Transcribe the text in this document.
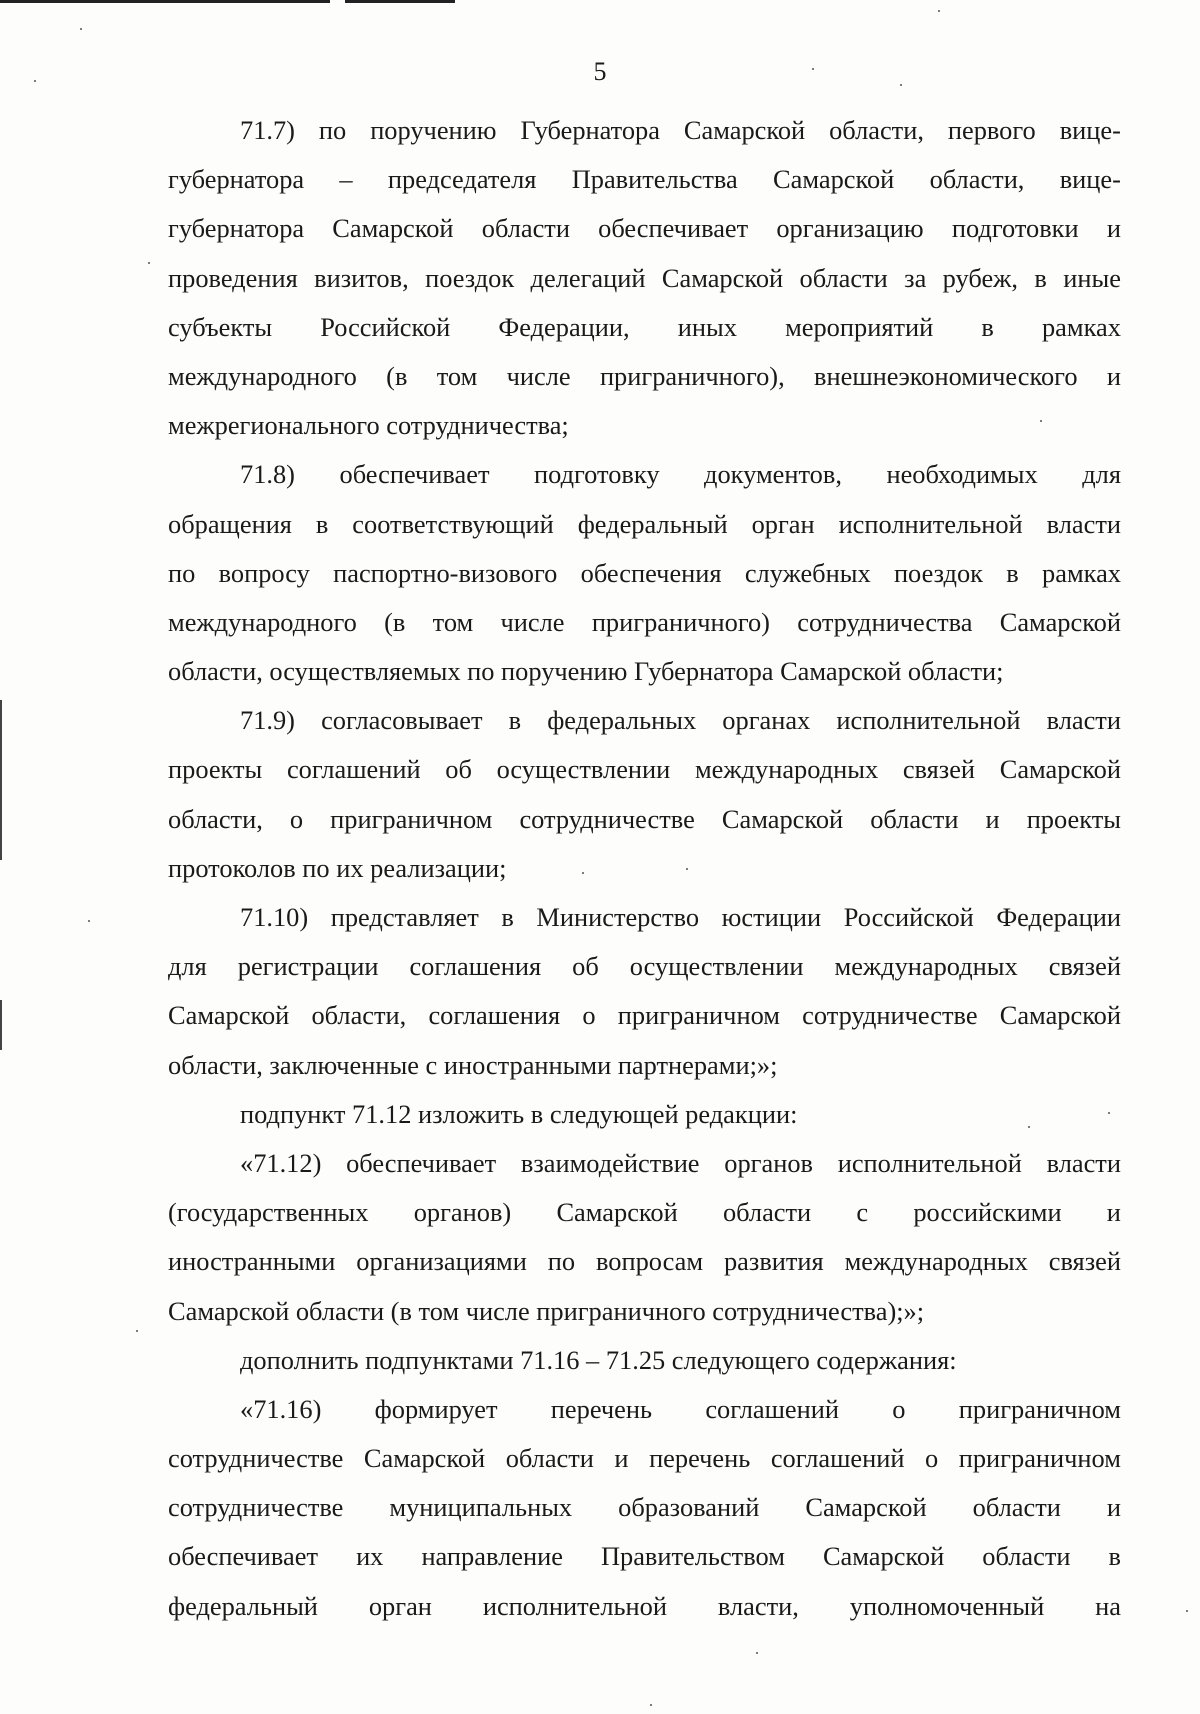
5
71.7) по поручению Губернатора Самарской области, первого вице-
губернатора – председателя Правительства Самарской области, вице-
губернатора Самарской области обеспечивает организацию подготовки и
проведения визитов, поездок делегаций Самарской области за рубеж, в иные
субъекты Российской Федерации, иных мероприятий в рамках
международного (в том числе приграничного), внешнеэкономического и
межрегионального сотрудничества;
71.8) обеспечивает подготовку документов, необходимых для
обращения в соответствующий федеральный орган исполнительной власти
по вопросу паспортно-визового обеспечения служебных поездок в рамках
международного (в том числе приграничного) сотрудничества Самарской
области, осуществляемых по поручению Губернатора Самарской области;
71.9) согласовывает в федеральных органах исполнительной власти
проекты соглашений об осуществлении международных связей Самарской
области, о приграничном сотрудничестве Самарской области и проекты
протоколов по их реализации;
71.10) представляет в Министерство юстиции Российской Федерации
для регистрации соглашения об осуществлении международных связей
Самарской области, соглашения о приграничном сотрудничестве Самарской
области, заключенные с иностранными партнерами;»;
подпункт 71.12 изложить в следующей редакции:
«71.12) обеспечивает взаимодействие органов исполнительной власти
(государственных органов) Самарской области с российскими и
иностранными организациями по вопросам развития международных связей
Самарской области (в том числе приграничного сотрудничества);»;
дополнить подпунктами 71.16 – 71.25 следующего содержания:
«71.16) формирует перечень соглашений о приграничном
сотрудничестве Самарской области и перечень соглашений о приграничном
сотрудничестве муниципальных образований Самарской области и
обеспечивает их направление Правительством Самарской области в
федеральный орган исполнительной власти, уполномоченный на
